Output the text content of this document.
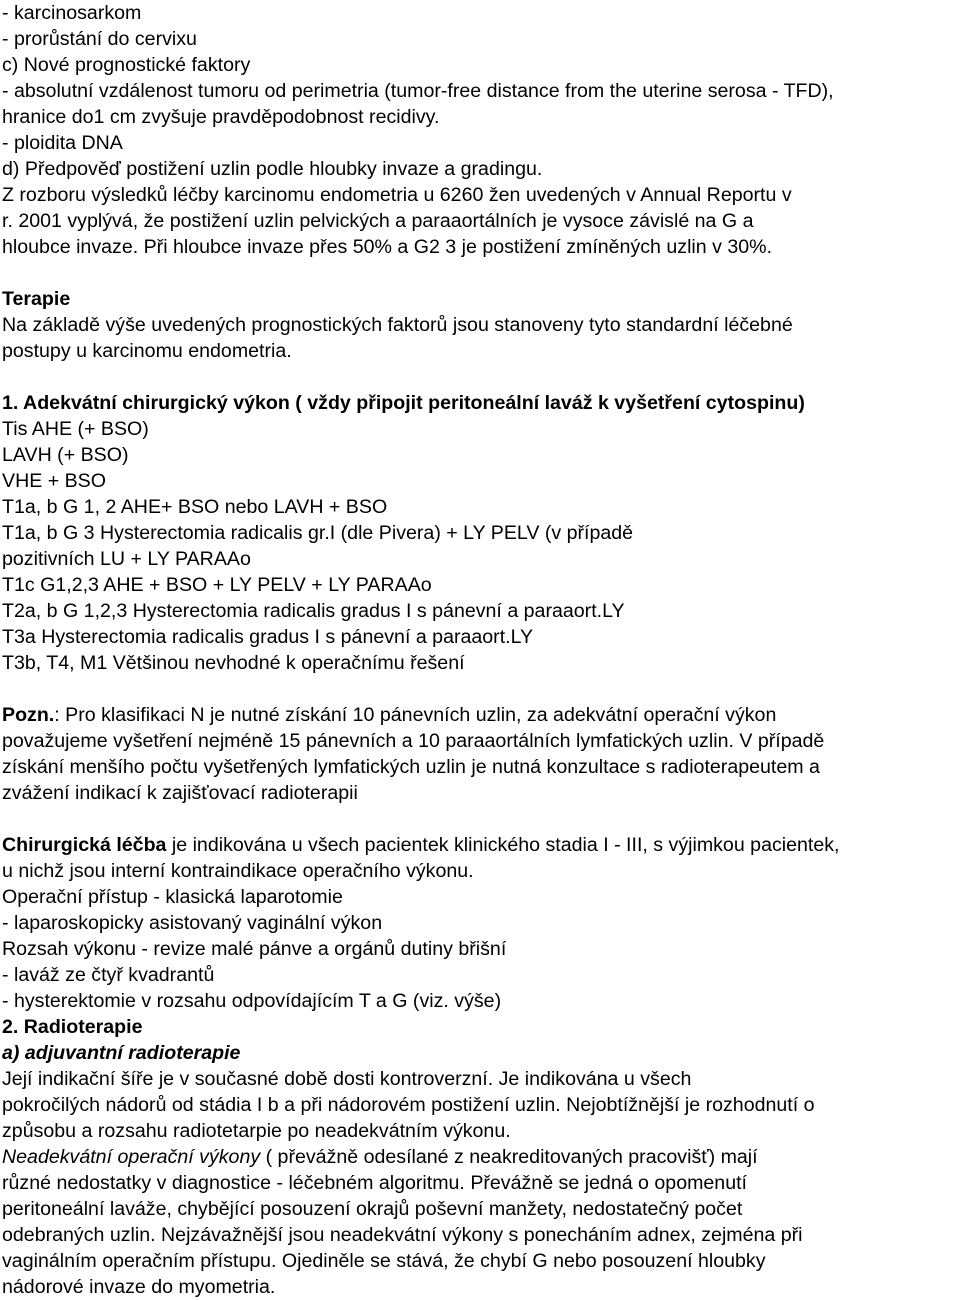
- karcinosarkom
- prorůstání do cervixu
c) Nové prognostické faktory
- absolutní vzdálenost tumoru od perimetria (tumor-free distance from the uterine serosa - TFD),
hranice do1 cm zvyšuje pravděpodobnost recidivy.
- ploidita DNA
d) Předpověď postižení uzlin podle hloubky invaze a gradingu.
Z rozboru výsledků léčby karcinomu endometria u 6260 žen uvedených v Annual Reportu v
r. 2001 vyplývá, že postižení uzlin pelvických a paraaortálních je vysoce závislé na G a
hloubce invaze. Při hloubce invaze přes 50% a G2 3 je postižení zmíněných uzlin v 30%.
Terapie
Na základě výše uvedených prognostických faktorů jsou stanoveny tyto standardní léčebné
postupy u karcinomu endometria.
1. Adekvátní chirurgický výkon ( vždy připojit peritoneální laváž k vyšetření cytospinu)
Tis AHE (+ BSO)
LAVH (+ BSO)
VHE + BSO
T1a, b G 1, 2 AHE+ BSO nebo LAVH + BSO
T1a, b G 3 Hysterectomia radicalis gr.I (dle Pivera) + LY PELV (v případě
pozitivních LU + LY PARAAo
T1c G1,2,3 AHE + BSO + LY PELV + LY PARAAo
T2a, b G 1,2,3 Hysterectomia radicalis gradus I s pánevní a paraaort.LY
T3a Hysterectomia radicalis gradus I s pánevní a paraaort.LY
T3b, T4, M1 Většinou nevhodné k operačnímu řešení
Pozn.: Pro klasifikaci N je nutné získání 10 pánevních uzlin, za adekvátní operační výkon
považujeme vyšetření nejméně 15 pánevních a 10 paraaortálních lymfatických uzlin. V případě
získání menšího počtu vyšetřených lymfatických uzlin je nutná konzultace s radioterapeutem a
zvážení indikací k zajišťovací radioterapii
Chirurgická léčba je indikována u všech pacientek klinického stadia I - III, s výjimkou pacientek,
u nichž jsou interní kontraindikace operačního výkonu.
Operační přístup - klasická laparotomie
- laparoskopicky asistovaný vaginální výkon
Rozsah výkonu - revize malé pánve a orgánů dutiny břišní
- laváž ze čtyř kvadrantů
- hysterektomie v rozsahu odpovídajícím T a G (viz. výše)
2. Radioterapie
a) adjuvantní radioterapie
Její indikační šíře je v současné době dosti kontroverzní. Je indikována u všech
pokročilých nádorů od stádia I b a při nádorovém postižení uzlin. Nejobtížnější je rozhodnutí o
způsobu a rozsahu radiotetarpie po neadekvátním výkonu.
Neadekvátní operační výkony ( převážně odesílané z neakreditovaných pracovišť) mají
různé nedostatky v diagnostice - léčebném algoritmu. Převážně se jedná o opomenutí
peritoneální laváže, chybějící posouzení okrajů poševní manžety, nedostatečný počet
odebraných uzlin. Nejzávažnější jsou neadekvátní výkony s ponecháním adnex, zejména při
vaginálním operačním přístupu. Ojediněle se stává, že chybí G nebo posouzení hloubky
nádorové invaze do myometria.
